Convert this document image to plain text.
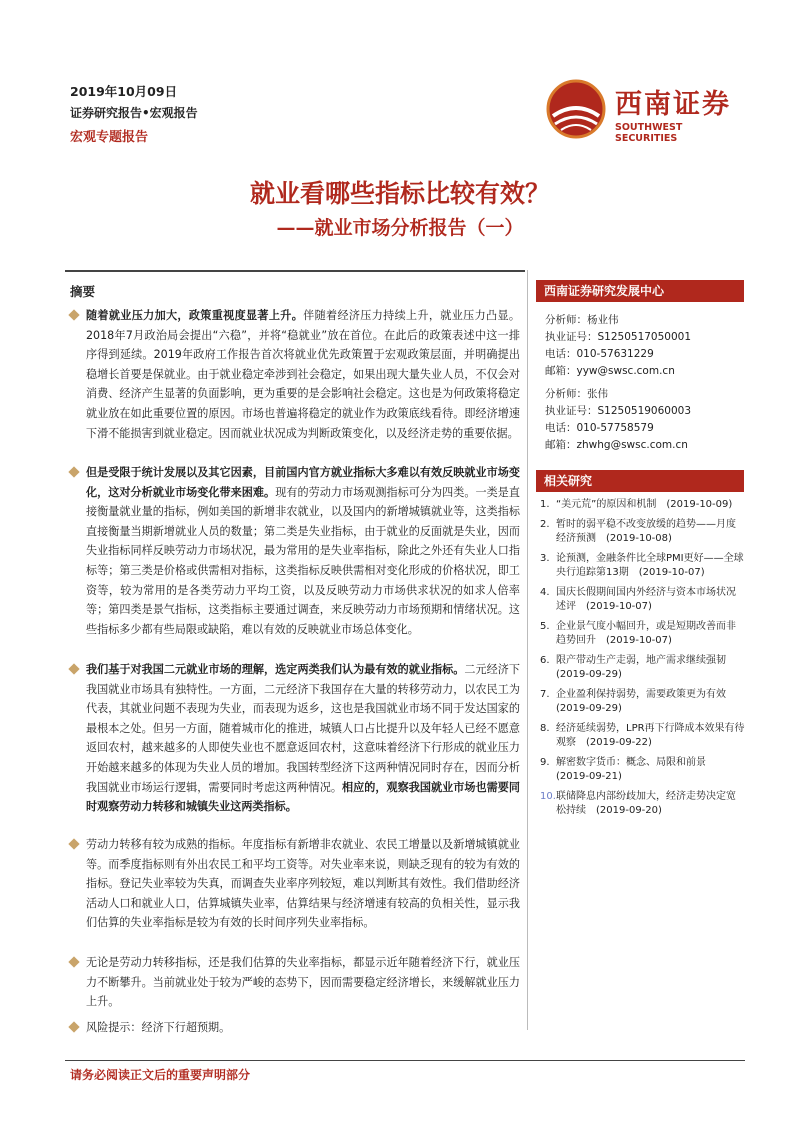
2019年10月09日
证券研究报告•宏观报告
宏观专题报告
西南证券
SOUTHWEST SECURITIES
就业看哪些指标比较有效？
——就业市场分析报告（一）
摘要
随着就业压力加大，政策重视度显著上升。伴随着经济压力持续上升，就业压力凸显。2018年7月政治局会提出“六稳”，并将“稳就业”放在首位。在此后的政策表述中这一排序得到延续。2019年政府工作报告首次将就业优先政策置于宏观政策层面，并明确提出稳增长首要是保就业。由于就业稳定牵涉到社会稳定，如果出现大量失业人员，不仅会对消费、经济产生显著的负面影响，更为重要的是会影响社会稳定。这也是为何政策将稳定就业放在如此重要位置的原因。市场也普遍将稳定的就业作为政策底线看待。即经济增速下滑不能损害到就业稳定。因而就业状况成为判断政策变化，以及经济走势的重要依据。
但是受限于统计发展以及其它因素，目前国内官方就业指标大多难以有效反映就业市场变化，这对分析就业市场变化带来困难。现有的劳动力市场观测指标可分为四类。一类是直接衡量就业量的指标，例如美国的新增非农就业，以及国内的新增城镇就业等，这类指标直接衡量当期新增就业人员的数量；第二类是失业指标，由于就业的反面就是失业，因而失业指标同样反映劳动力市场状况，最为常用的是失业率指标，除此之外还有失业人口指标等；第三类是价格或供需相对指标，这类指标反映供需相对变化形成的价格状况，即工资等，较为常用的是各类劳动力平均工资，以及反映劳动力市场供求状况的如求人倍率等；第四类是景气指标，这类指标主要通过调查，来反映劳动力市场预期和情绪状况。这些指标多少都有些局限或缺陷，难以有效的反映就业市场总体变化。
我们基于对我国二元就业市场的理解，选定两类我们认为最有效的就业指标。二元经济下我国就业市场具有独特性。一方面，二元经济下我国存在大量的转移劳动力，以农民工为代表，其就业问题不表现为失业，而表现为返乡，这也是我国就业市场不同于发达国家的最根本之处。但另一方面，随着城市化的推进，城镇人口占比提升以及年轻人已经不愿意返回农村，越来越多的人即使失业也不愿意返回农村，这意味着经济下行形成的就业压力开始越来越多的体现为失业人员的增加。我国转型经济下这两种情况同时存在，因而分析我国就业市场运行逻辑，需要同时考虑这两种情况。相应的，观察我国就业市场也需要同时观察劳动力转移和城镇失业这两类指标。
劳动力转移有较为成熟的指标。年度指标有新增非农就业、农民工增量以及新增城镇就业等。而季度指标则有外出农民工和平均工资等。对失业率来说，则缺乏现有的较为有效的指标。登记失业率较为失真，而调查失业率序列较短，难以判断其有效性。我们借助经济活动人口和就业人口，估算城镇失业率，估算结果与经济增速有较高的负相关性，显示我们估算的失业率指标是较为有效的长时间序列失业率指标。
无论是劳动力转移指标，还是我们估算的失业率指标，都显示近年随着经济下行，就业压力不断攀升。当前就业处于较为严峻的态势下，因而需要稳定经济增长，来缓解就业压力上升。
风险提示：经济下行超预期。
西南证券研究发展中心
分析师：杨业伟
执业证号：S1250517050001
电话：010-57631229
邮箱：yyw@swsc.com.cn
分析师：张伟
执业证号：S1250519060003
电话：010-57758579
邮箱：zhwhg@swsc.com.cn
相关研究
1. “美元荒”的原因和机制　(2019-10-09)
2. 暂时的弱平稳不改变放缓的趋势——月度经济预测　(2019-10-08)
3. 论预测，金融条件比全球PMI更好——全球央行追踪第13期　(2019-10-07)
4. 国庆长假期间国内外经济与资本市场状况述评　(2019-10-07)
5. 企业景气度小幅回升，或是短期改善而非趋势回升　(2019-10-07)
6. 限产带动生产走弱，地产需求继续强韧　(2019-09-29)
7. 企业盈利保持弱势，需要政策更为有效　(2019-09-29)
8. 经济延续弱势，LPR再下行降成本效果有待观察　(2019-09-22)
9. 解密数字货币：概念、局限和前景　(2019-09-21)
10. 联储降息内部纷歧加大，经济走势决定宽松持续　(2019-09-20)
请务必阅读正文后的重要声明部分
